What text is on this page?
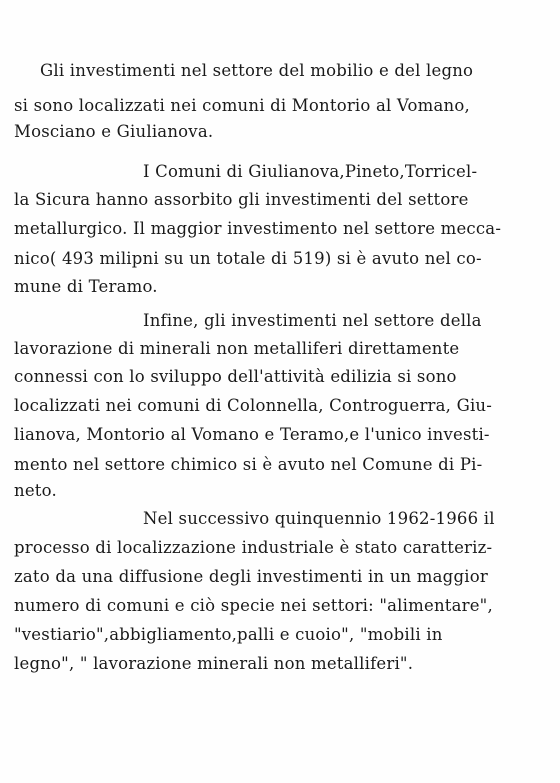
Gli investimenti nel settore del mobilio e del legno

si sono localizzati nei comuni di Montorio al Vomano,

Mosciano e Giulianova.

I Comuni di Giulianova,Pineto,Torricel-

la Sicura hanno assorbito gli investimenti del settore

metallurgico. Il maggior investimento nel settore mecca-

nico( 493 milipni su un totale di 519) si è avuto nel co-

mune di Teramo.

Infine, gli investimenti nel settore della

lavorazione di minerali non metalliferi direttamente

connessi con lo sviluppo dell'attività edilizia si sono

localizzati nei comuni di Colonnella, Controguerra, Giu-

lianova, Montorio al Vomano e Teramo,e l'unico investi-

mento nel settore chimico si è avuto nel Comune di Pi-

neto.

Nel successivo quinquennio 1962-1966 il

processo di localizzazione industriale è stato caratteriz-

zato da una diffusione degli investimenti in un maggior

numero di comuni e ciò specie nei settori: "alimentare",

"vestiario",abbigliamento,palli e cuoio", "mobili in

legno", " lavorazione minerali non metalliferi".
